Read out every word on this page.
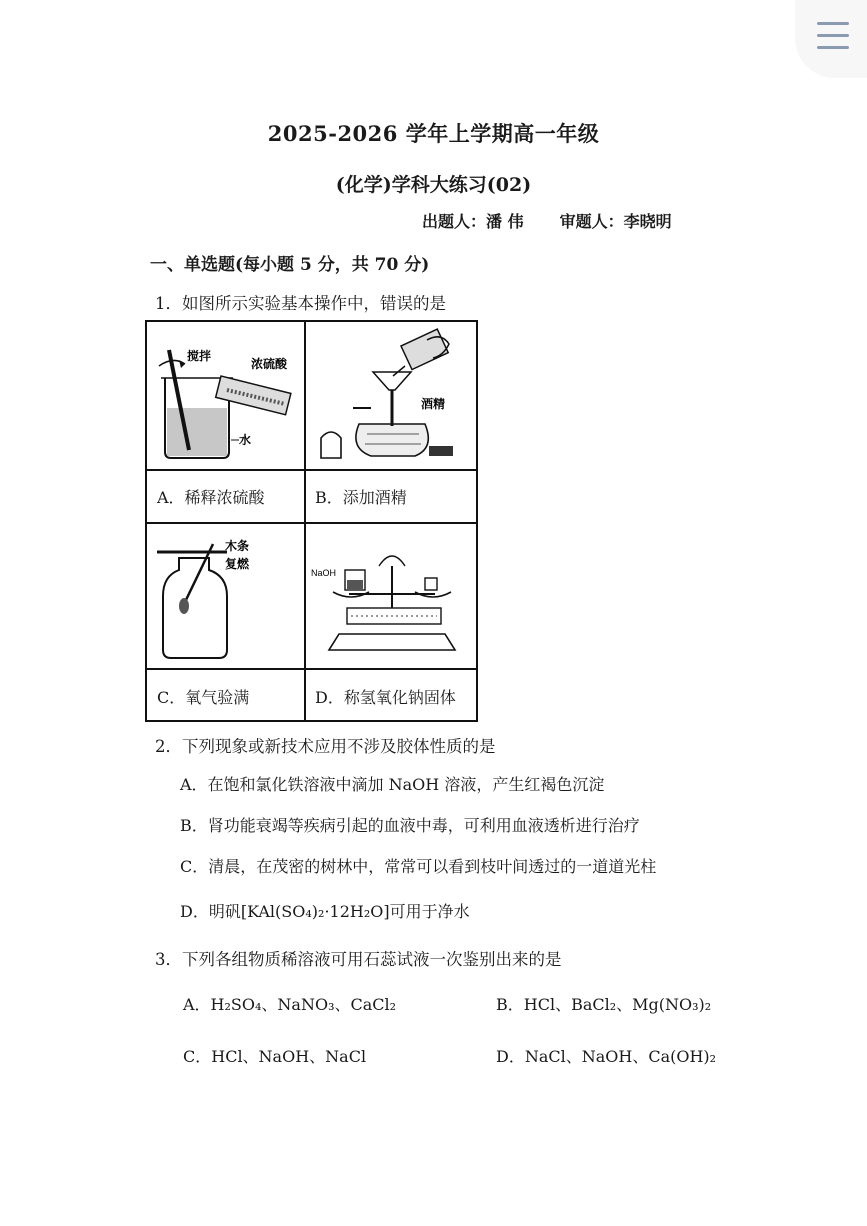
2025-2026 学年上学期高一年级
(化学)学科大练习(02)
出题人：潘 伟 审题人：李晓明
一、单选题(每小题 5 分，共 70 分)
1．如图所示实验基本操作中，错误的是
搅拌
浓硫酸
水
酒精
木条
复燃
NaOH
A．稀释浓硫酸	B．添加酒精
C．氧气验满	D．称氢氧化钠固体
2．下列现象或新技术应用不涉及胶体性质的是
A．在饱和氯化铁溶液中滴加 NaOH 溶液，产生红褐色沉淀
B．肾功能衰竭等疾病引起的血液中毒，可利用血液透析进行治疗
C．清晨，在茂密的树林中，常常可以看到枝叶间透过的一道道光柱
D．明矾[KAl(SO₄)₂·12H₂O]可用于净水
3．下列各组物质稀溶液可用石蕊试液一次鉴别出来的是
A．H₂SO₄、NaNO₃、CaCl₂	B．HCl、BaCl₂、Mg(NO₃)₂
C．HCl、NaOH、NaCl	D．NaCl、NaOH、Ca(OH)₂
